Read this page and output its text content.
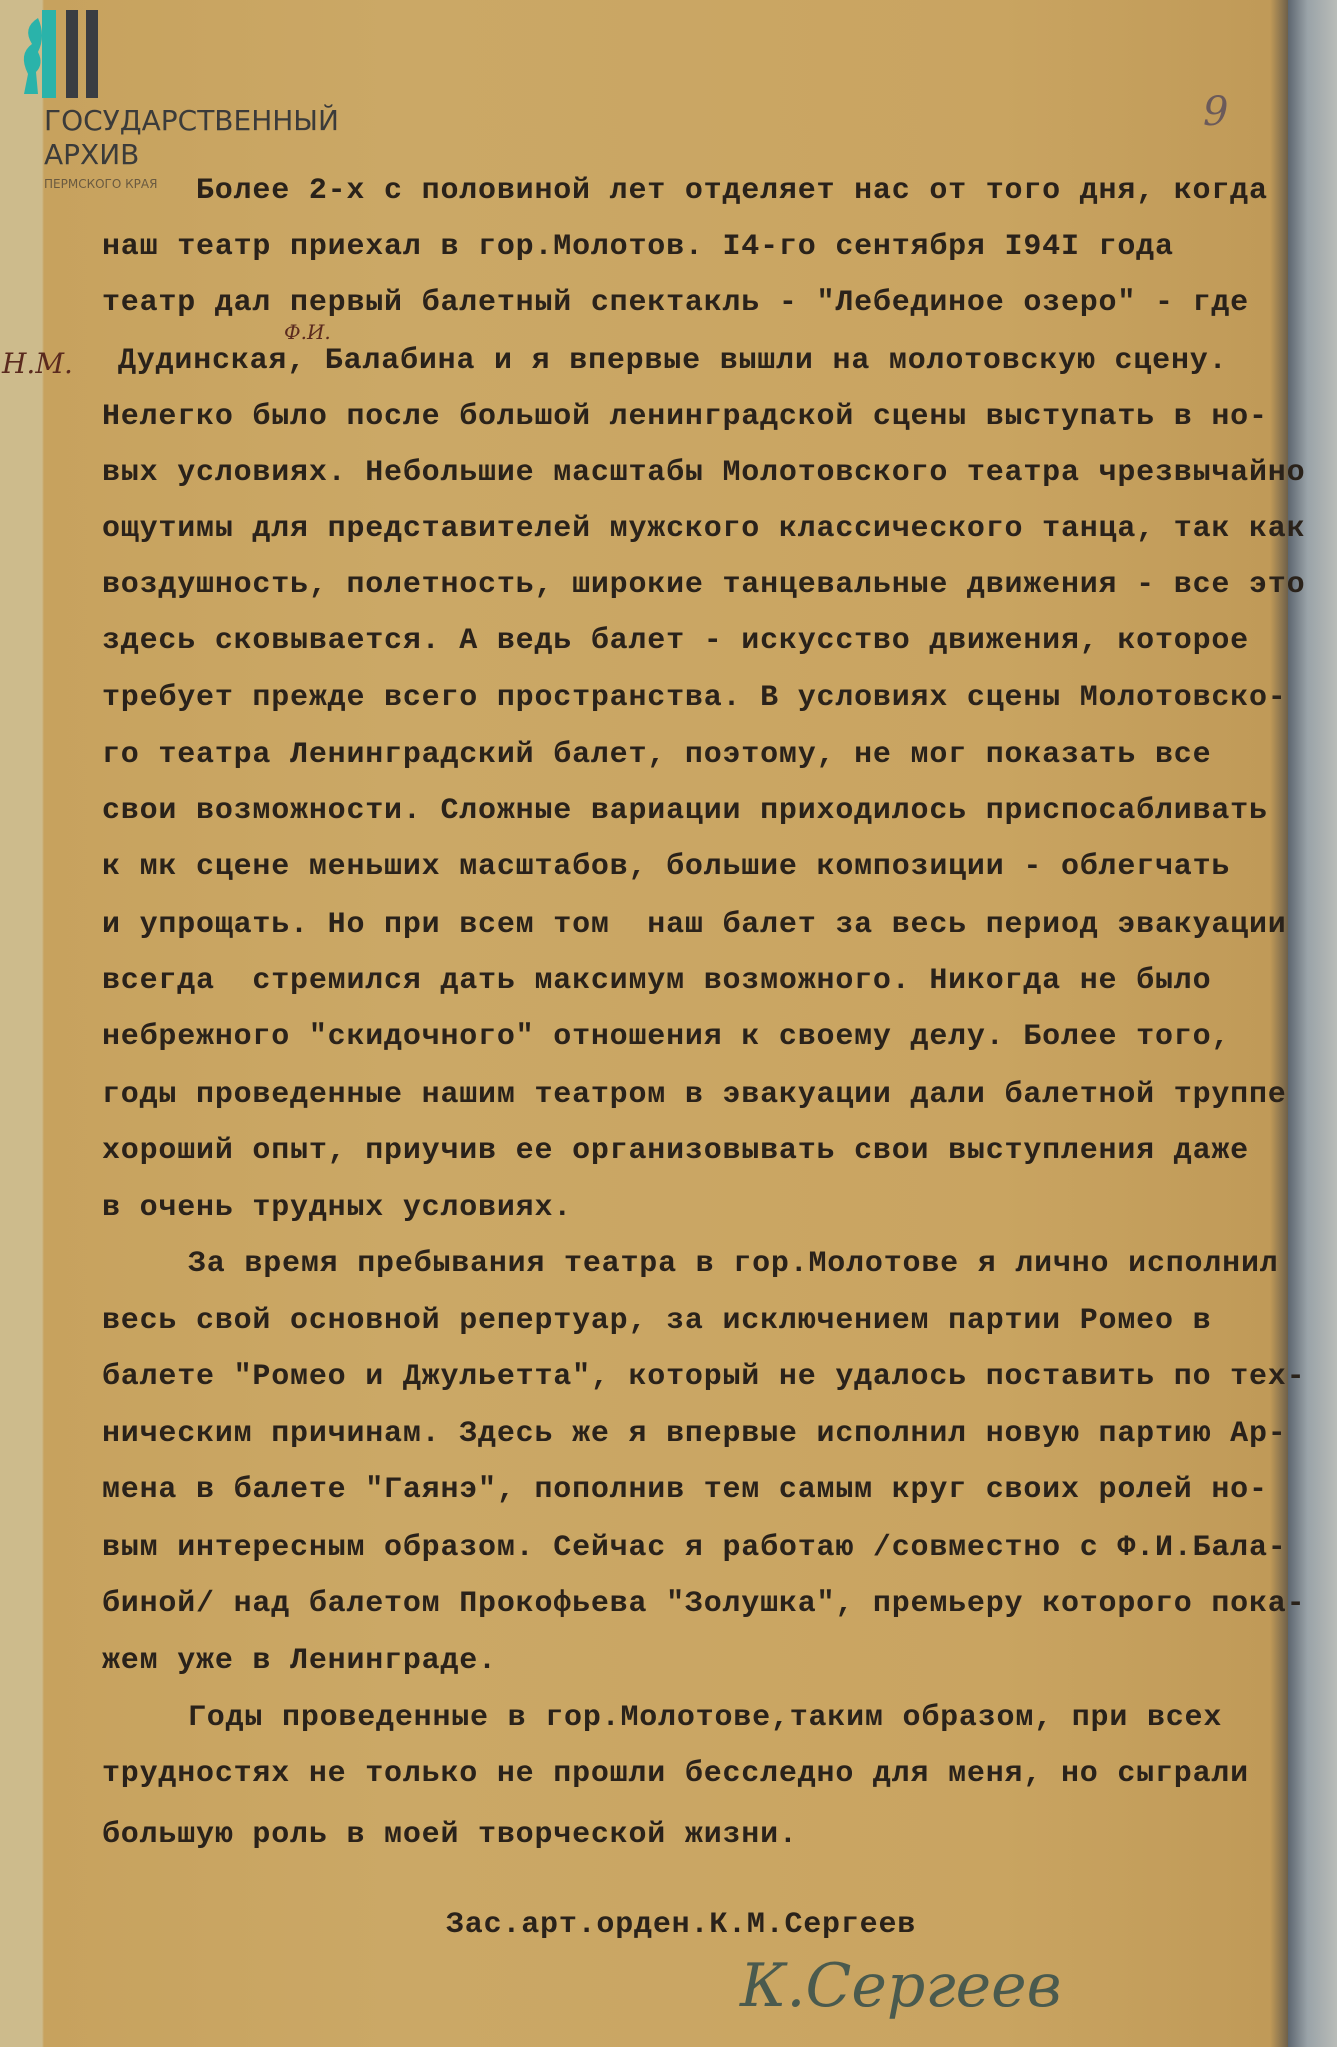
ГОСУДАРСТВЕННЫЙ
АРХИВ
ПЕРМСКОГО КРАЯ
9
Более 2-х с половиной лет отделяет нас от того дня, когда
наш театр приехал в гор.Молотов. I4-го сентября I94I года
театр дал первый балетный спектакль - "Лебединое озеро" - где
Дудинская, Балабина и я впервые вышли на молотовскую сцену.
Нелегко было после большой ленинградской сцены выступать в но-
вых условиях. Небольшие масштабы Молотовского театра чрезвычайно
ощутимы для представителей мужского классического танца, так как
воздушность, полетность, широкие танцевальные движения - все это
здесь сковывается. А ведь балет - искусство движения, которое
требует прежде всего пространства. В условиях сцены Молотовско-
го театра Ленинградский балет, поэтому, не мог показать все
свои возможности. Сложные вариации приходилось приспосабливать
к мк сцене меньших масштабов, большие композиции - облегчать
и упрощать. Но при всем том  наш балет за весь период эвакуации
всегда  стремился дать максимум возможного. Никогда не было
небрежного "скидочного" отношения к своему делу. Более того,
годы проведенные нашим театром в эвакуации дали балетной труппе
хороший опыт, приучив ее организовывать свои выступления даже
в очень трудных условиях.
За время пребывания театра в гор.Молотове я лично исполнил
весь свой основной репертуар, за исключением партии Ромео в
балете "Ромео и Джульетта", который не удалось поставить по тех-
ническим причинам. Здесь же я впервые исполнил новую партию Ар-
мена в балете "Гаянэ", пополнив тем самым круг своих ролей но-
вым интересным образом. Сейчас я работаю /совместно с Ф.И.Бала-
биной/ над балетом Прокофьева "Золушка", премьеру которого пока-
жем уже в Ленинграде.
Годы проведенные в гор.Молотове,таким образом, при всех
трудностях не только не прошли бесследно для меня, но сыграли
большую роль в моей творческой жизни.
Н.М.
Ф.И.
Зас.арт.орден.К.М.Сергеев
К.Сергеев
